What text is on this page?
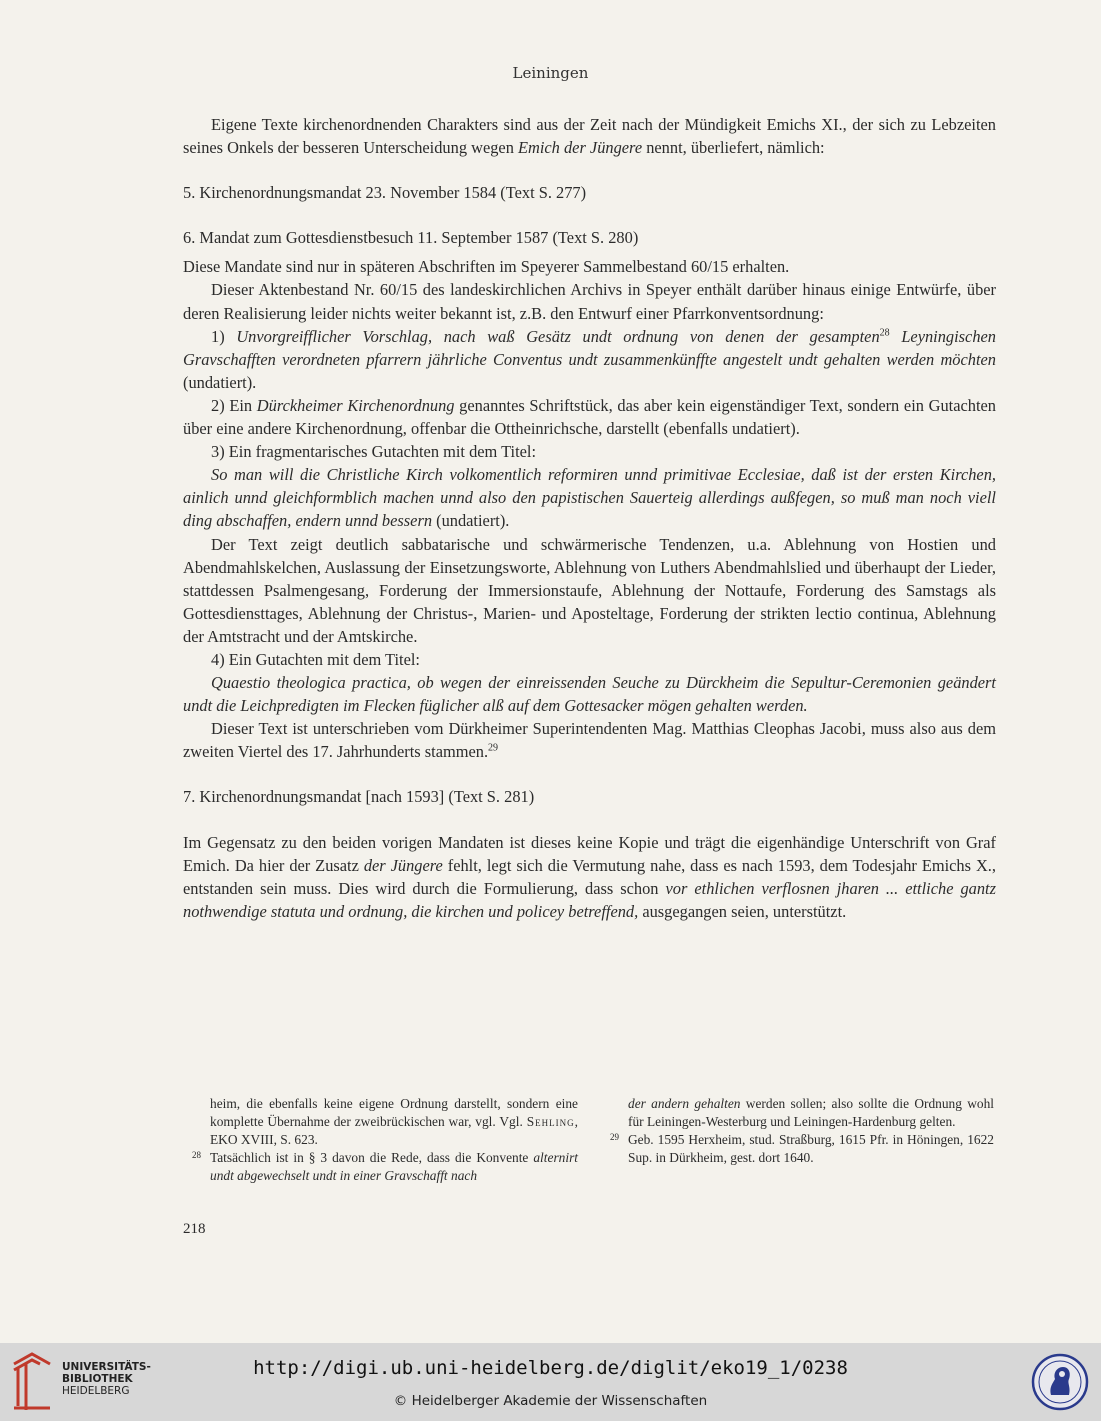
Leiningen

Eigene Texte kirchenordnenden Charakters sind aus der Zeit nach der Mündigkeit Emichs XI., der sich zu Lebzeiten seines Onkels der besseren Unterscheidung wegen Emich der Jüngere nennt, überliefert, nämlich:

5. Kirchenordnungsmandat 23. November 1584 (Text S. 277)

6. Mandat zum Gottesdienstbesuch 11. September 1587 (Text S. 280)

Diese Mandate sind nur in späteren Abschriften im Speyerer Sammelbestand 60/15 erhalten.

Dieser Aktenbestand Nr. 60/15 des landeskirchlichen Archivs in Speyer enthält darüber hinaus einige Entwürfe, über deren Realisierung leider nichts weiter bekannt ist, z.B. den Entwurf einer Pfarrkonventsordnung:

1) Unvorgreifflicher Vorschlag, nach waß Gesätz undt ordnung von denen der gesampten$^{28}$ Leyningischen Gravschafften verordneten pfarrern jährliche Conventus undt zusammenkünffte angestelt undt gehalten werden möchten (undatiert).

2) Ein Dürckheimer Kirchenordnung genanntes Schriftstück, das aber kein eigenständiger Text, sondern ein Gutachten über eine andere Kirchenordnung, offenbar die Ottheinrichsche, darstellt (ebenfalls undatiert).

3) Ein fragmentarisches Gutachten mit dem Titel:

So man will die Christliche Kirch volkomentlich reformiren unnd primitivae Ecclesiae, daß ist der ersten Kirchen, ainlich unnd gleichformblich machen unnd also den papistischen Sauerteig allerdings außfegen, so muß man noch viell ding abschaffen, endern unnd bessern (undatiert).

Der Text zeigt deutlich sabbatarische und schwärmerische Tendenzen, u.a. Ablehnung von Hostien und Abendmahlskelchen, Auslassung der Einsetzungsworte, Ablehnung von Luthers Abendmahlslied und überhaupt der Lieder, stattdessen Psalmengesang, Forderung der Immersionstaufe, Ablehnung der Nottaufe, Forderung des Samstags als Gottesdiensttages, Ablehnung der Christus-, Marien- und Aposteltage, Forderung der strikten lectio continua, Ablehnung der Amtstracht und der Amtskirche.

4) Ein Gutachten mit dem Titel:

Quaestio theologica practica, ob wegen der einreissenden Seuche zu Dürckheim die Sepultur-Ceremonien geändert undt die Leichpredigten im Flecken füglicher alß auf dem Gottesacker mögen gehalten werden.

Dieser Text ist unterschrieben vom Dürkheimer Superintendenten Mag. Matthias Cleophas Jacobi, muss also aus dem zweiten Viertel des 17. Jahrhunderts stammen.$^{29}$

7. Kirchenordnungsmandat [nach 1593] (Text S. 281)

Im Gegensatz zu den beiden vorigen Mandaten ist dieses keine Kopie und trägt die eigenhändige Unterschrift von Graf Emich. Da hier der Zusatz der Jüngere fehlt, legt sich die Vermutung nahe, dass es nach 1593, dem Todesjahr Emichs X., entstanden sein muss. Dies wird durch die Formulierung, dass schon vor ethlichen verflosnen jharen ... ettliche gantz nothwendige statuta und ordnung, die kirchen und policey betreffend, ausgegangen seien, unterstützt.

heim, die ebenfalls keine eigene Ordnung darstellt, sondern eine komplette Übernahme der zweibrückischen war, vgl. Vgl. Sehling, EKO XVIII, S. 623.

28 Tatsächlich ist in § 3 davon die Rede, dass die Konvente alternirt undt abgewechselt undt in einer Gravschafft nach

der andern gehalten werden sollen; also sollte die Ordnung wohl für Leiningen-Westerburg und Leiningen-Hardenburg gelten.

29 Geb. 1595 Herxheim, stud. Straßburg, 1615 Pfr. in Höningen, 1622 Sup. in Dürkheim, gest. dort 1640.

218
UNIVERSITÄTS-
BIBLIOTHEK
HEIDELBERG
http://digi.ub.uni-heidelberg.de/diglit/eko19_1/0238
© Heidelberger Akademie der Wissenschaften
